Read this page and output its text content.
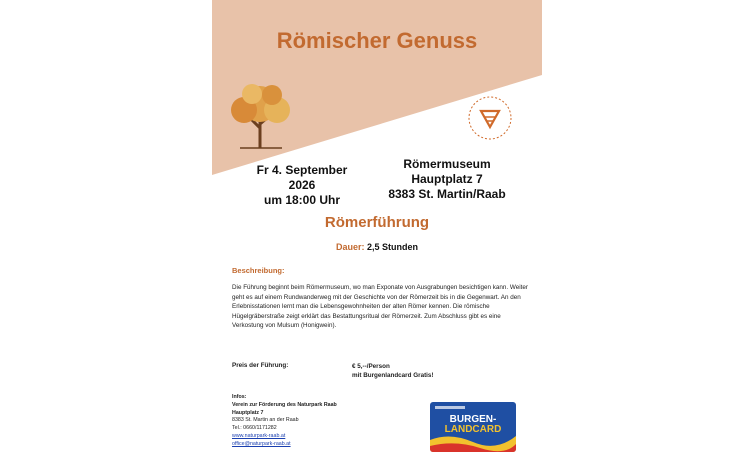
Römischer Genuss
Fr 4. September 2026
um 18:00 Uhr
Römermuseum
Hauptplatz 7
8383 St. Martin/Raab
Römerführung
Dauer: 2,5 Stunden
Beschreibung:
Die Führung beginnt beim Römermuseum, wo man Exponate von Ausgrabungen besichtigen kann. Weiter geht es auf einem Rundwanderweg mit der Geschichte von der Römerzeit bis in die Gegenwart. An den Erlebnisstationen lernt man die Lebensgewohnheiten der alten Römer kennen. Die römische Hügelgräberstraße zeigt erklärt das Bestattungsritual der Römerzeit. Zum Abschluss gibt es eine Verkostung von Mulsum (Honigwein).
Preis der Führung:	€ 5,--/Person
mit Burgenlandcard Gratis!
Infos:
Verein zur Förderung des Naturpark Raab
Hauptplatz 7
8383 St. Martin an der Raab
Tel.: 0660/1171282
www.naturpark-raab.at
office@naturpark-raab.at
BURGEN-
LANDCARD
